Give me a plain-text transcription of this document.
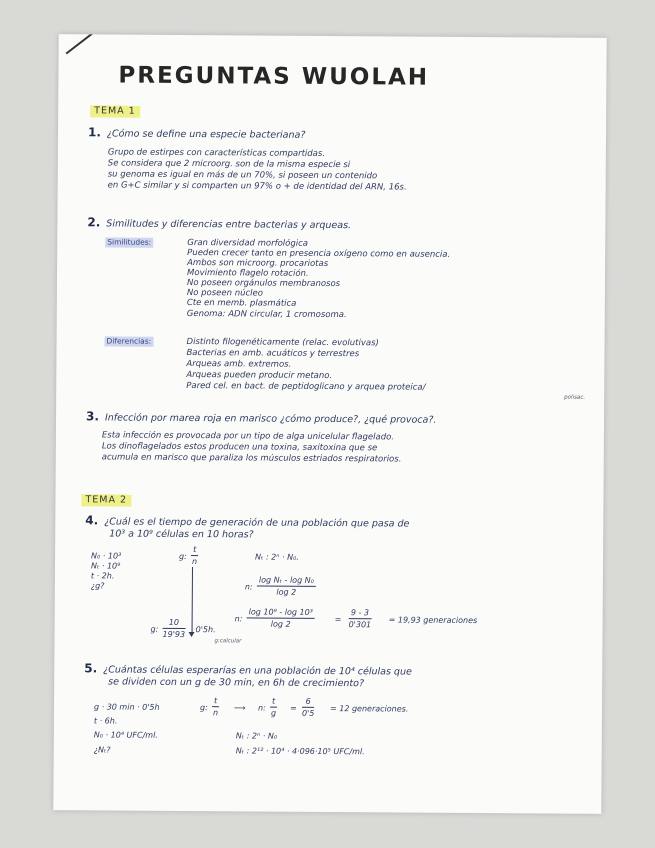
PREGUNTAS WUOLAH
TEMA 1
1. ¿Cómo se define una especie bacteriana?
Grupo de estirpes con características compartidas.
Se considera que 2 microorg. son de la misma especie si
su genoma es igual en más de un 70%, si poseen un contenido
en G+C similar y si comparten un 97% o + de identidad del ARN, 16s.
2. Similitudes y diferencias entre bacterias y arqueas.
Similitudes:	Gran diversidad morfológica
Pueden crecer tanto en presencia oxígeno como en ausencia.
Ambos son microorg. procariotas
Movimiento flagelo rotación.
No poseen orgánulos membranosos
No poseen núcleo
Cte en memb. plasmática
Genoma: ADN circular, 1 cromosoma.
Diferencias:	Distinto filogenéticamente (relac. evolutivas)
Bacterias en amb. acuáticos y terrestres
Arqueas amb. extremos.
Arqueas pueden producir metano.
Pared cel. en bact. de peptidoglicano y arquea proteica/
polisac.
3. Infección por marea roja en marisco ¿cómo produce?, ¿qué provoca?.
Esta infección es provocada por un tipo de alga unicelular flagelado.
Los dinoflagelados estos producen una toxina, saxitoxina que se
acumula en marisco que paraliza los músculos estriados respiratorios.
TEMA 2
4. ¿Cuál es el tiempo de generación de una población que pasa de
10³ a 10⁹ células en 10 horas?
N₀ · 10³
Nₜ · 10⁹
t · 2h.
¿g?
g: $\frac{t}{n}$	Nₜ : 2ⁿ · N₀.
n: $\frac{\text{log Nₜ - log N₀}}{\log 2}$
n: $\frac{\text{log 10⁹ - log 10³}}{\log 2} = \frac{9 - 3}{0'301} = 19,93$ generaciones
g: $\frac{10}{19'93} \cdot 0'5h$.
g:calcular
5. ¿Cuántas células esperarías en una población de 10⁴ células que
se dividen con un g de 30 min, en 6h de crecimiento?
g · 30 min · 0'5h
t · 6h.
N₀ · 10⁴ UFC/ml.
¿Nₜ?
g: $\frac{t}{n}$ ⟶ n: $\frac{t}{g} = \frac{6}{0'5} = 12$ generaciones.
Nₜ : 2ⁿ · N₀
Nₜ : 2¹² · 10⁴ · 4·096·10⁵ UFC/ml.
